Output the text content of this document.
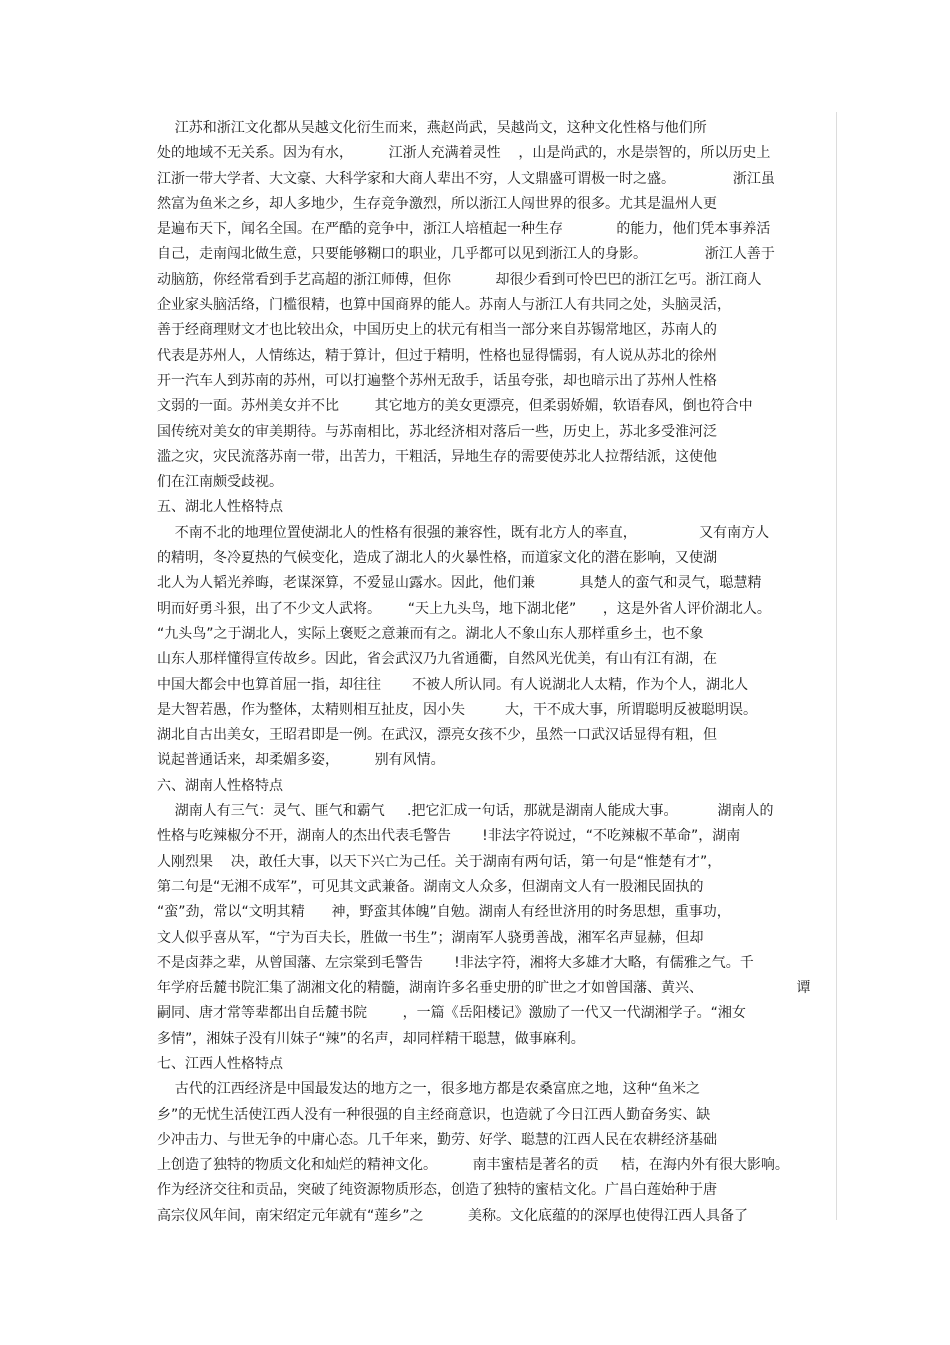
江苏和浙江文化都从吴越文化衍生而来，燕赵尚武，吴越尚文，这种文化性格与他们所
处的地域不无关系。因为有水，        江浙人充满着灵性    ，山是尚武的，水是崇智的，所以历史上
江浙一带大学者、大文豪、大科学家和大商人辈出不穷，人文鼎盛可谓极一时之盛。             浙江虽
然富为鱼米之乡，却人多地少，生存竞争激烈，所以浙江人闯世界的很多。尤其是温州人更
是遍布天下，闻名全国。在严酷的竞争中，浙江人培植起一种生存            的能力，他们凭本事养活
自己，走南闯北做生意，只要能够糊口的职业，几乎都可以见到浙江人的身影。             浙江人善于
动脑筋，你经常看到手艺高超的浙江师傅，但你          却很少看到可怜巴巴的浙江乞丐。浙江商人
企业家头脑活络，门槛很精，也算中国商界的能人。苏南人与浙江人有共同之处，头脑灵活，
善于经商理财文才也比较出众，中国历史上的状元有相当一部分来自苏锡常地区，苏南人的
代表是苏州人，人情练达，精于算计，但过于精明，性格也显得懦弱，有人说从苏北的徐州
开一汽车人到苏南的苏州，可以打遍整个苏州无敌手，话虽夸张，却也暗示出了苏州人性格
文弱的一面。苏州美女并不比        其它地方的美女更漂亮，但柔弱娇媚，软语春风，倒也符合中
国传统对美女的审美期待。与苏南相比，苏北经济相对落后一些，历史上，苏北多受淮河泛
滥之灾，灾民流落苏南一带，出苦力，干粗活，异地生存的需要使苏北人拉帮结派，这使他
们在江南颇受歧视。
五、湖北人性格特点
不南不北的地理位置使湖北人的性格有很强的兼容性，既有北方人的率直，              又有南方人
的精明，冬冷夏热的气候变化，造成了湖北人的火暴性格，而道家文化的潜在影响，又使湖
北人为人韬光养晦，老谋深算，不爱显山露水。因此，他们兼          具楚人的蛮气和灵气，聪慧精
明而好勇斗狠，出了不少文人武将。      “天上九头鸟，地下湖北佬”      ，这是外省人评价湖北人。
“九头鸟”之于湖北人，实际上褒贬之意兼而有之。湖北人不象山东人那样重乡土，也不象
山东人那样懂得宣传故乡。因此，省会武汉乃九省通衢，自然风光优美，有山有江有湖，在
中国大都会中也算首屈一指，却往往       不被人所认同。有人说湖北人太精，作为个人，湖北人
是大智若愚，作为整体，太精则相互扯皮，因小失         大，干不成大事，所谓聪明反被聪明误。
湖北自古出美女，王昭君即是一例。在武汉，漂亮女孩不少，虽然一口武汉话显得有粗，但
说起普通话来，却柔媚多姿，        别有风情。
六、湖南人性格特点
湖南人有三气：灵气、匪气和霸气     .把它汇成一句话，那就是湖南人能成大事。         湖南人的
性格与吃辣椒分不开，湖南人的杰出代表毛警告       !非法字符说过，“不吃辣椒不革命”，湖南
人刚烈果    决，敢任大事，以天下兴亡为己任。关于湖南有两句话，第一句是“惟楚有才”，
第二句是“无湘不成军”，可见其文武兼备。湖南文人众多，但湖南文人有一股湘民固执的
“蛮”劲，常以“文明其精      神，野蛮其体魄”自勉。湖南人有经世济用的时务思想，重事功，
文人似乎喜从军，“宁为百夫长，胜做一书生”；湖南军人骁勇善战，湘军名声显赫，但却
不是卤莽之辈，从曾国藩、左宗棠到毛警告       !非法字符，湘将大多雄才大略，有儒雅之气。千
年学府岳麓书院汇集了湖湘文化的精髓，湖南许多名垂史册的旷世之才如曾国藩、黄兴、                     谭
嗣同、唐才常等辈都出自岳麓书院        ，一篇《岳阳楼记》激励了一代又一代湖湘学子。“湘女
多情”，湘妹子没有川妹子“辣”的名声，却同样精干聪慧，做事麻利。
七、江西人性格特点
古代的江西经济是中国最发达的地方之一，很多地方都是农桑富庶之地，这种“鱼米之
乡”的无忧生活使江西人没有一种很强的自主经商意识，也造就了今日江西人勤奋务实、缺
少冲击力、与世无争的中庸心态。几千年来，勤劳、好学、聪慧的江西人民在农耕经济基础
上创造了独特的物质文化和灿烂的精神文化。        南丰蜜桔是著名的贡     桔，在海内外有很大影响。
作为经济交往和贡品，突破了纯资源物质形态，创造了独特的蜜桔文化。广昌白莲始种于唐
高宗仪风年间，南宋绍定元年就有“莲乡”之          美称。文化底蕴的的深厚也使得江西人具备了
